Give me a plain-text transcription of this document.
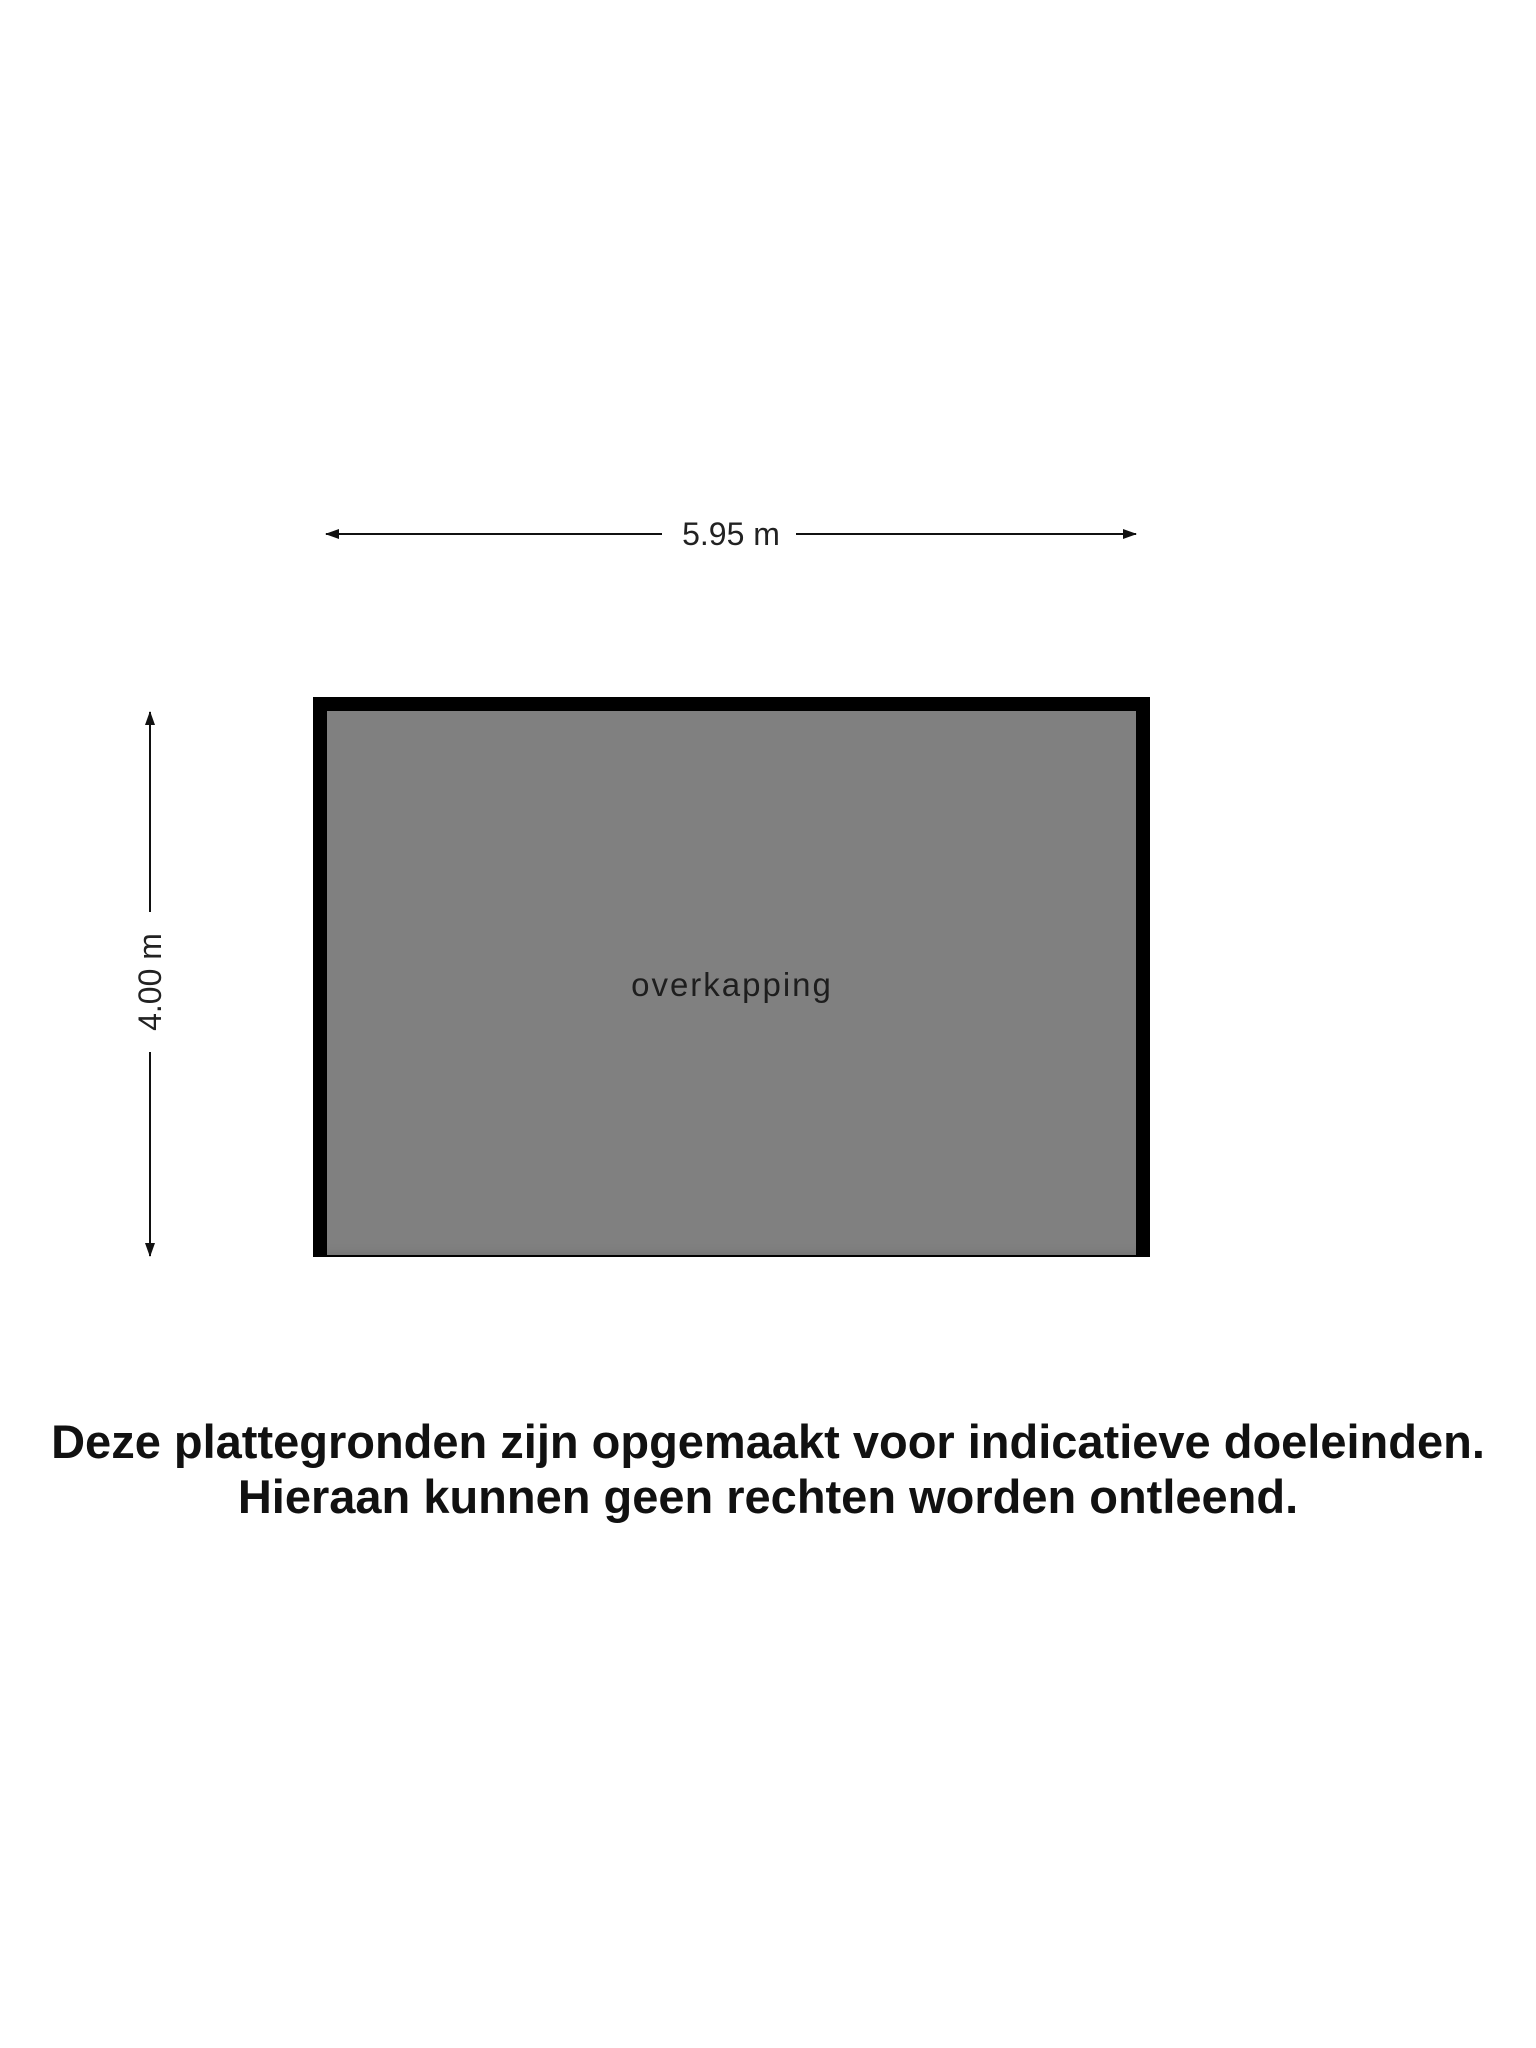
5.95 m
4.00 m	overkapping
Deze plattegronden zijn opgemaakt voor indicatieve doeleinden.
Hieraan kunnen geen rechten worden ontleend.
